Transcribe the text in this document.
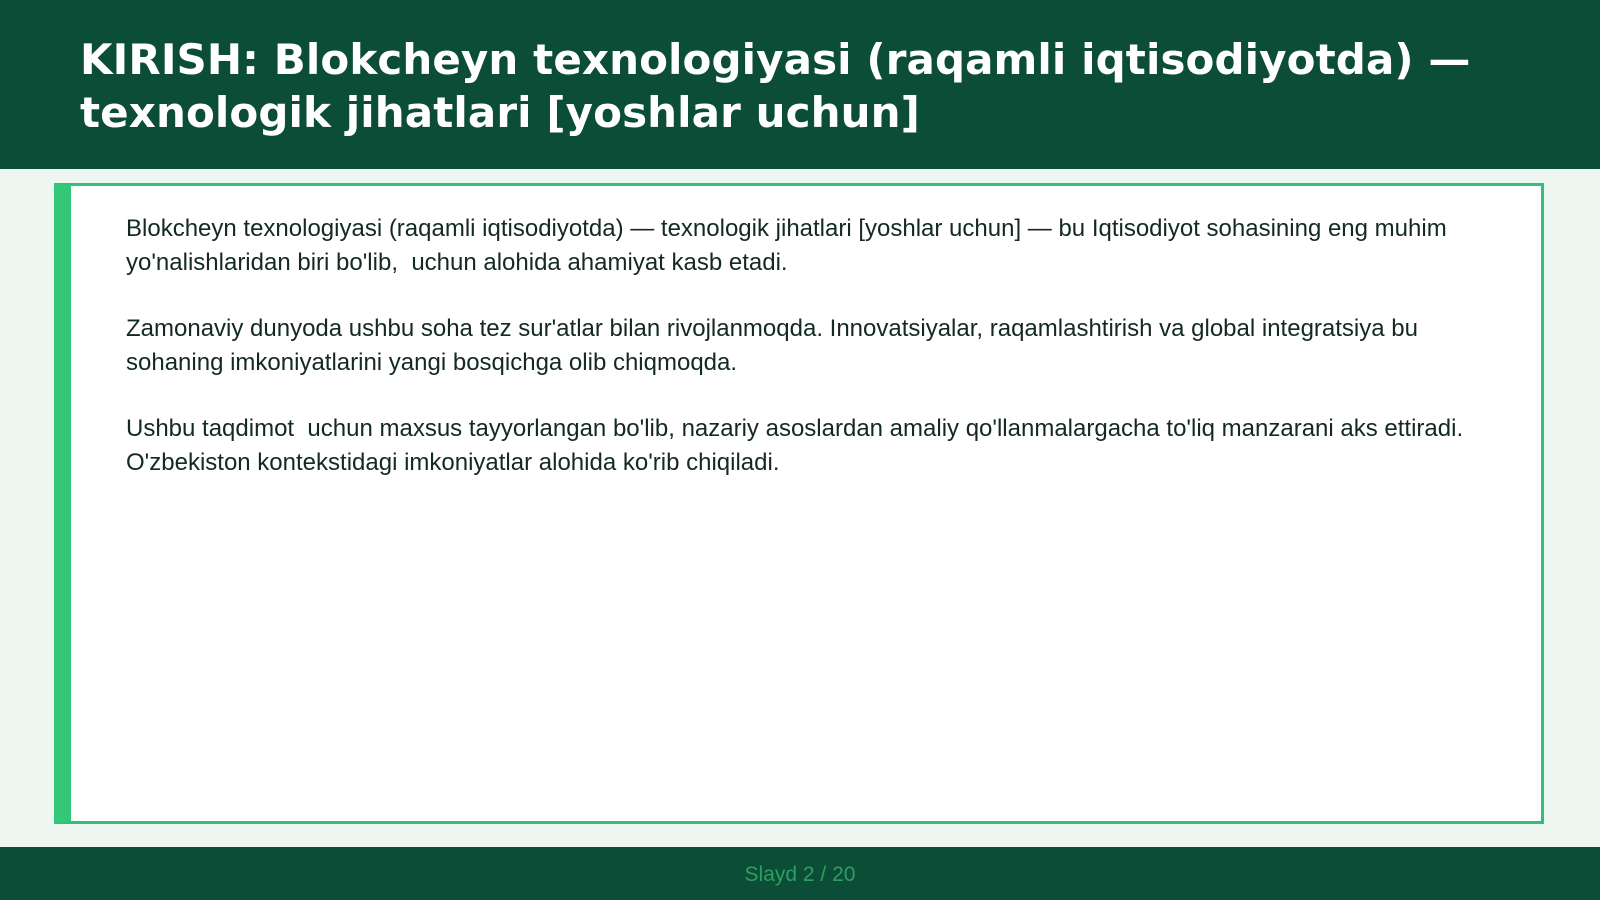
KIRISH: Blokcheyn texnologiyasi (raqamli iqtisodiyotda) — texnologik jihatlari [yoshlar uchun]

Blokcheyn texnologiyasi (raqamli iqtisodiyotda) — texnologik jihatlari [yoshlar uchun] — bu Iqtisodiyot sohasining eng muhim yo'nalishlaridan biri bo'lib,  uchun alohida ahamiyat kasb etadi.

Zamonaviy dunyoda ushbu soha tez sur'atlar bilan rivojlanmoqda. Innovatsiyalar, raqamlashtirish va global integratsiya bu sohaning imkoniyatlarini yangi bosqichga olib chiqmoqda.

Ushbu taqdimot  uchun maxsus tayyorlangan bo'lib, nazariy asoslardan amaliy qo'llanmalargacha to'liq manzarani aks ettiradi. O'zbekiston kontekstidagi imkoniyatlar alohida ko'rib chiqiladi.

Slayd 2 / 20
